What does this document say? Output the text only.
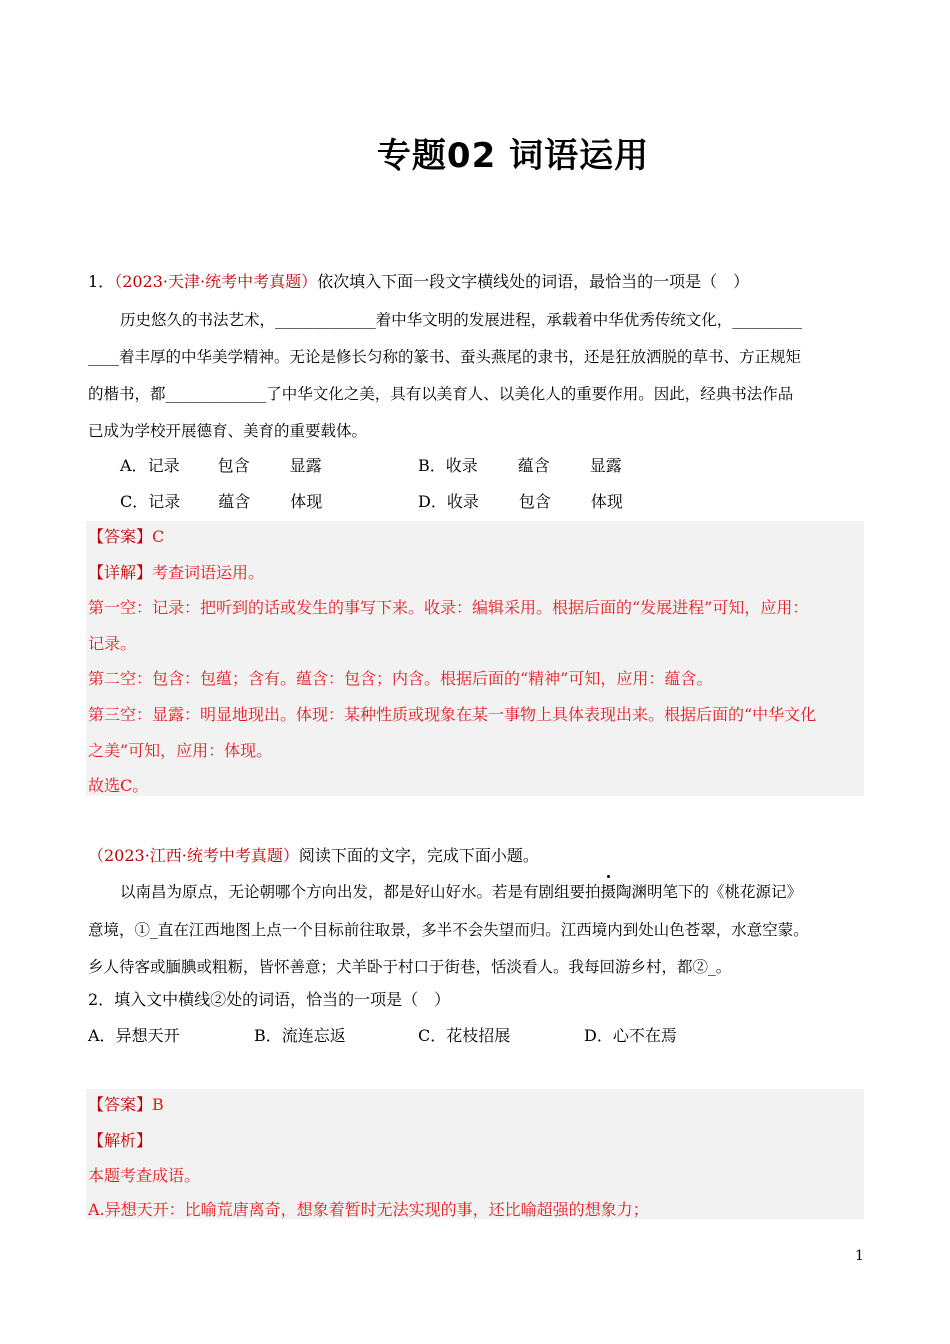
专题02 词语运用
1．（2023·天津·统考中考真题）依次填入下面一段文字横线处的词语，最恰当的一项是（　）
历史悠久的书法艺术，_____________着中华文明的发展进程，承载着中华优秀传统文化，_________
____着丰厚的中华美学精神。无论是修长匀称的篆书、蚕头燕尾的隶书，还是狂放洒脱的草书、方正规矩
的楷书，都_____________了中华文化之美，具有以美育人、以美化人的重要作用。因此，经典书法作品
已成为学校开展德育、美育的重要载体。
A．记录 包含 显露	B．收录 蕴含 显露
C．记录 蕴含 体现	D．收录 包含 体现
【答案】C
【详解】考查词语运用。
第一空：记录：把听到的话或发生的事写下来。收录：编辑采用。根据后面的“发展进程”可知，应用：
记录。
第二空：包含：包蕴；含有。蕴含：包含；内含。根据后面的“精神”可知，应用：蕴含。
第三空：显露：明显地现出。体现：某种性质或现象在某一事物上具体表现出来。根据后面的“中华文化
之美”可知，应用：体现。
故选C。
（2023·江西·统考中考真题）阅读下面的文字，完成下面小题。
以南昌为原点，无论朝哪个方向出发，都是好山好水。若是有剧组要拍摄陶渊明笔下的《桃花源记》
意境，①_直在江西地图上点一个目标前往取景，多半不会失望而归。江西境内到处山色苍翠，水意空蒙。
乡人待客或腼腆或粗粝，皆怀善意；犬羊卧于村口于街巷，恬淡看人。我每回游乡村，都②_。
2．填入文中横线②处的词语，恰当的一项是（　）
A．异想天开	B．流连忘返	C．花枝招展	D．心不在焉
【答案】B
【解析】
本题考查成语。
A.异想天开：比喻荒唐离奇，想象着暂时无法实现的事，还比喻超强的想象力；
1
